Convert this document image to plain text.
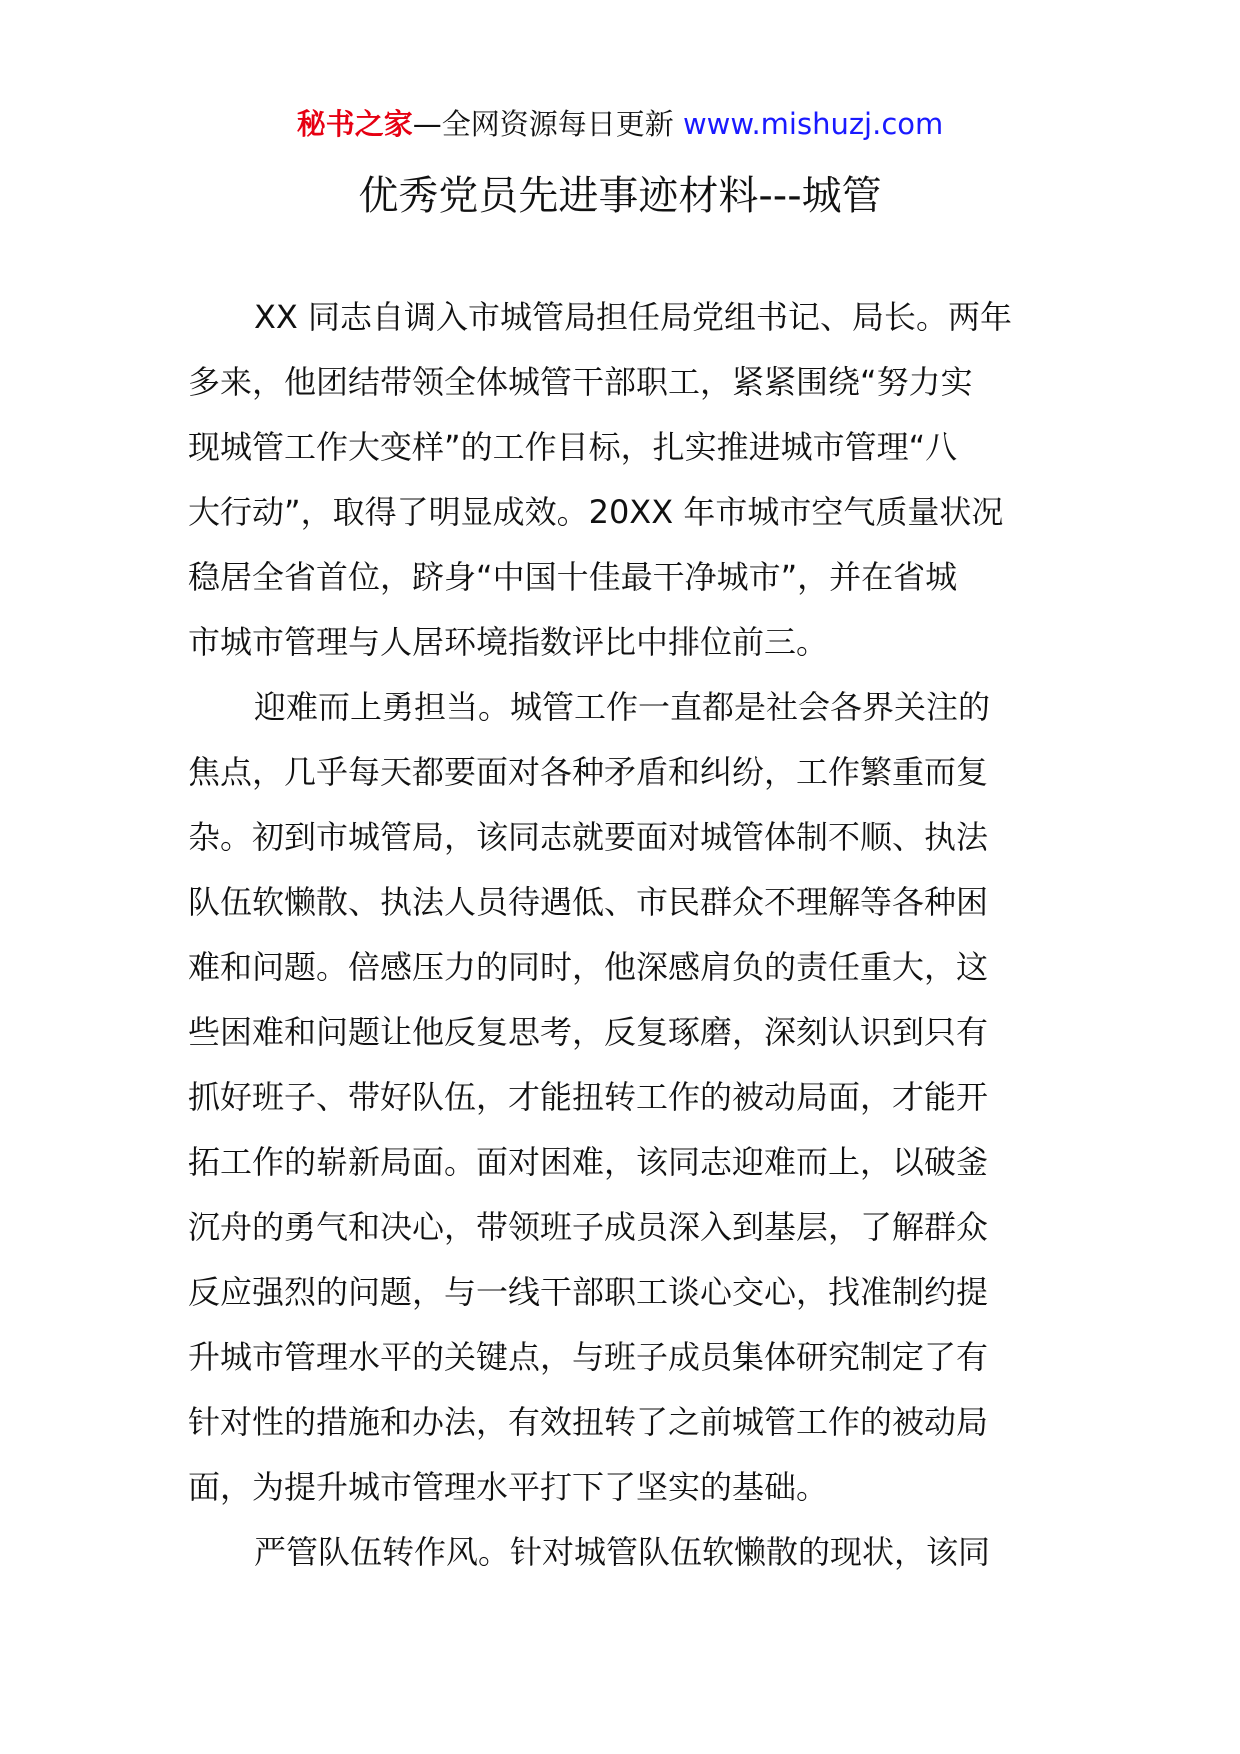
秘书之家—全网资源每日更新 www.mishuzj.com
优秀党员先进事迹材料---城管
XX 同志自调入市城管局担任局党组书记、局长。两年
多来，他团结带领全体城管干部职工，紧紧围绕“努力实
现城管工作大变样”的工作目标，扎实推进城市管理“八
大行动”，取得了明显成效。20XX 年市城市空气质量状况
稳居全省首位，跻身“中国十佳最干净城市”，并在省城
市城市管理与人居环境指数评比中排位前三。
迎难而上勇担当。城管工作一直都是社会各界关注的
焦点，几乎每天都要面对各种矛盾和纠纷，工作繁重而复
杂。初到市城管局，该同志就要面对城管体制不顺、执法
队伍软懒散、执法人员待遇低、市民群众不理解等各种困
难和问题。倍感压力的同时，他深感肩负的责任重大，这
些困难和问题让他反复思考，反复琢磨，深刻认识到只有
抓好班子、带好队伍，才能扭转工作的被动局面，才能开
拓工作的崭新局面。面对困难，该同志迎难而上，以破釜
沉舟的勇气和决心，带领班子成员深入到基层，了解群众
反应强烈的问题，与一线干部职工谈心交心，找准制约提
升城市管理水平的关键点，与班子成员集体研究制定了有
针对性的措施和办法，有效扭转了之前城管工作的被动局
面，为提升城市管理水平打下了坚实的基础。
严管队伍转作风。针对城管队伍软懒散的现状，该同
